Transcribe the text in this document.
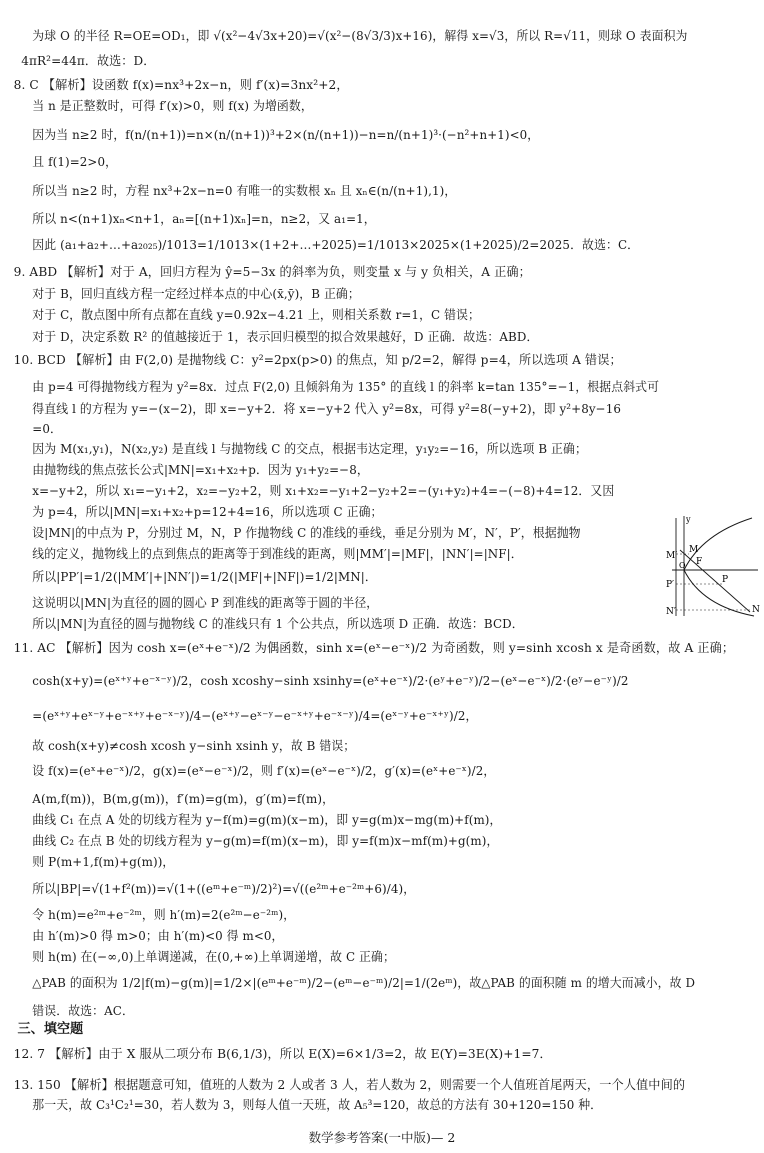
为球 O 的半径 R=OE=OD₁，即 √(x²−4√3x+20)=√(x²−(8√3/3)x+16)，解得 x=√3，所以 R=√11，则球 O 表面积为
4πR²=44π．故选：D．
8. C 【解析】设函数 f(x)=nx³+2x−n，则 f′(x)=3nx²+2，
当 n 是正整数时，可得 f′(x)>0，则 f(x) 为增函数，
因为当 n≥2 时，f(n/(n+1))=n×(n/(n+1))³+2×(n/(n+1))−n=n/(n+1)³·(−n²+n+1)<0，
且 f(1)=2>0，
所以当 n≥2 时，方程 nx³+2x−n=0 有唯一的实数根 xₙ 且 xₙ∈(n/(n+1),1)，
所以 n<(n+1)xₙ<n+1，aₙ=[(n+1)xₙ]=n，n≥2，又 a₁=1，
因此 (a₁+a₂+…+a₂₀₂₅)/1013=1/1013×(1+2+…+2025)=1/1013×2025×(1+2025)/2=2025．故选：C．
9. ABD 【解析】对于 A，回归方程为 ŷ=5−3x 的斜率为负，则变量 x 与 y 负相关，A 正确；
对于 B，回归直线方程一定经过样本点的中心(x̄,ȳ)，B 正确；
对于 C，散点图中所有点都在直线 y=0.92x−4.21 上，则相关系数 r=1，C 错误；
对于 D，决定系数 R² 的值越接近于 1，表示回归模型的拟合效果越好，D 正确．故选：ABD．
10. BCD 【解析】由 F(2,0) 是抛物线 C：y²=2px(p>0) 的焦点，知 p/2=2，解得 p=4，所以选项 A 错误；
由 p=4 可得抛物线方程为 y²=8x．过点 F(2,0) 且倾斜角为 135° 的直线 l 的斜率 k=tan 135°=−1，根据点斜式可
得直线 l 的方程为 y=−(x−2)，即 x=−y+2．将 x=−y+2 代入 y²=8x，可得 y²=8(−y+2)，即 y²+8y−16
=0．
因为 M(x₁,y₁)，N(x₂,y₂) 是直线 l 与抛物线 C 的交点，根据韦达定理，y₁y₂=−16，所以选项 B 正确；
由抛物线的焦点弦长公式|MN|=x₁+x₂+p．因为 y₁+y₂=−8，
x=−y+2，所以 x₁=−y₁+2，x₂=−y₂+2，则 x₁+x₂=−y₁+2−y₂+2=−(y₁+y₂)+4=−(−8)+4=12．又因
为 p=4，所以|MN|=x₁+x₂+p=12+4=16，所以选项 C 正确；
设|MN|的中点为 P，分别过 M，N，P 作抛物线 C 的准线的垂线，垂足分别为 M′，N′，P′，根据抛物
线的定义，抛物线上的点到焦点的距离等于到准线的距离，则|MM′|=|MF|，|NN′|=|NF|．
所以|PP′|=1/2(|MM′|+|NN′|)=1/2(|MF|+|NF|)=1/2|MN|．
这说明以|MN|为直径的圆的圆心 P 到准线的距离等于圆的半径，
所以|MN|为直径的圆与抛物线 C 的准线只有 1 个公共点，所以选项 D 正确．故选：BCD．
11. AC 【解析】因为 cosh x=(eˣ+e⁻ˣ)/2 为偶函数，sinh x=(eˣ−e⁻ˣ)/2 为奇函数，则 y=sinh xcosh x 是奇函数，故 A 正确；
cosh(x+y)=(eˣ⁺ʸ+e⁻ˣ⁻ʸ)/2，cosh xcoshy−sinh xsinhy=(eˣ+e⁻ˣ)/2·(eʸ+e⁻ʸ)/2−(eˣ−e⁻ˣ)/2·(eʸ−e⁻ʸ)/2
=(eˣ⁺ʸ+eˣ⁻ʸ+e⁻ˣ⁺ʸ+e⁻ˣ⁻ʸ)/4−(eˣ⁺ʸ−eˣ⁻ʸ−e⁻ˣ⁺ʸ+e⁻ˣ⁻ʸ)/4=(eˣ⁻ʸ+e⁻ˣ⁺ʸ)/2，
故 cosh(x+y)≠cosh xcosh y−sinh xsinh y，故 B 错误；
设 f(x)=(eˣ+e⁻ˣ)/2，g(x)=(eˣ−e⁻ˣ)/2，则 f′(x)=(eˣ−e⁻ˣ)/2，g′(x)=(eˣ+e⁻ˣ)/2，
A(m,f(m))，B(m,g(m))，f′(m)=g(m)，g′(m)=f(m)，
曲线 C₁ 在点 A 处的切线方程为 y−f(m)=g(m)(x−m)，即 y=g(m)x−mg(m)+f(m)，
曲线 C₂ 在点 B 处的切线方程为 y−g(m)=f(m)(x−m)，即 y=f(m)x−mf(m)+g(m)，
则 P(m+1,f(m)+g(m))，
所以|BP|=√(1+f²(m))=√(1+((eᵐ+e⁻ᵐ)/2)²)=√((e²ᵐ+e⁻²ᵐ+6)/4)，
令 h(m)=e²ᵐ+e⁻²ᵐ，则 h′(m)=2(e²ᵐ−e⁻²ᵐ)，
由 h′(m)>0 得 m>0；由 h′(m)<0 得 m<0，
则 h(m) 在(−∞,0)上单调递减，在(0,+∞)上单调递增，故 C 正确；
△PAB 的面积为 1/2|f(m)−g(m)|=1/2×|(eᵐ+e⁻ᵐ)/2−(eᵐ−e⁻ᵐ)/2|=1/(2eᵐ)，故△PAB 的面积随 m 的增大而减小，故 D
错误．故选：AC．
三、填空题
12. 7 【解析】由于 X 服从二项分布 B(6,1/3)，所以 E(X)=6×1/3=2，故 E(Y)=3E(X)+1=7．
13. 150 【解析】根据题意可知，值班的人数为 2 人或者 3 人，若人数为 2，则需要一个人值班首尾两天，一个人值中间的
那一天，故 C₃¹C₂¹=30，若人数为 3，则每人值一天班，故 A₅³=120，故总的方法有 30+120=150 种．
y
M′
M
F
O
P′	P
N′	N
数学参考答案(一中版)— 2
